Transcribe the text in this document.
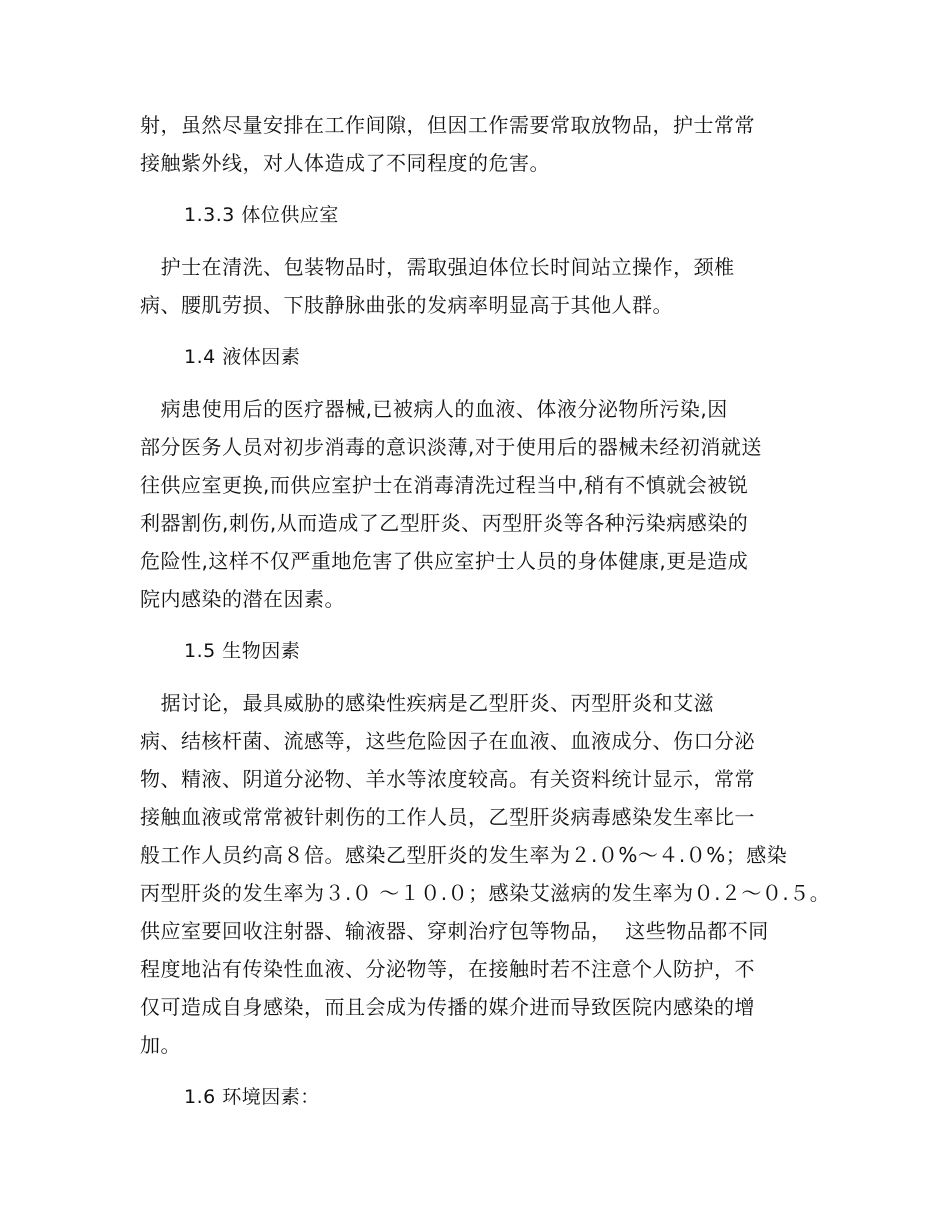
射，虽然尽量安排在工作间隙，但因工作需要常取放物品，护士常常
接触紫外线，对人体造成了不同程度的危害。
1.3.3 体位供应室
护士在清洗、包装物品时，需取强迫体位长时间站立操作，颈椎
病、腰肌劳损、下肢静脉曲张的发病率明显高于其他人群。
1.4 液体因素
病患使用后的医疗器械,已被病人的血液、体液分泌物所污染,因
部分医务人员对初步消毒的意识淡薄,对于使用后的器械未经初消就送
往供应室更换,而供应室护士在消毒清洗过程当中,稍有不慎就会被锐
利器割伤,刺伤,从而造成了乙型肝炎、丙型肝炎等各种污染病感染的
危险性,这样不仅严重地危害了供应室护士人员的身体健康,更是造成
院内感染的潜在因素。
1.5 生物因素
据讨论，最具威胁的感染性疾病是乙型肝炎、丙型肝炎和艾滋
病、结核杆菌、流感等，这些危险因子在血液、血液成分、伤口分泌
物、精液、阴道分泌物、羊水等浓度较高。有关资料统计显示，常常
接触血液或常常被针刺伤的工作人员，乙型肝炎病毒感染发生率比一
般工作人员约高８倍。感染乙型肝炎的发生率为２.０%～４.０%；感染
丙型肝炎的发生率为３.０ ～１０.０；感染艾滋病的发生率为０.２～０.５。
供应室要回收注射器、输液器、穿刺治疗包等物品，  这些物品都不同
程度地沾有传染性血液、分泌物等，在接触时若不注意个人防护，不
仅可造成自身感染，而且会成为传播的媒介进而导致医院内感染的增
加。
1.6 环境因素：
